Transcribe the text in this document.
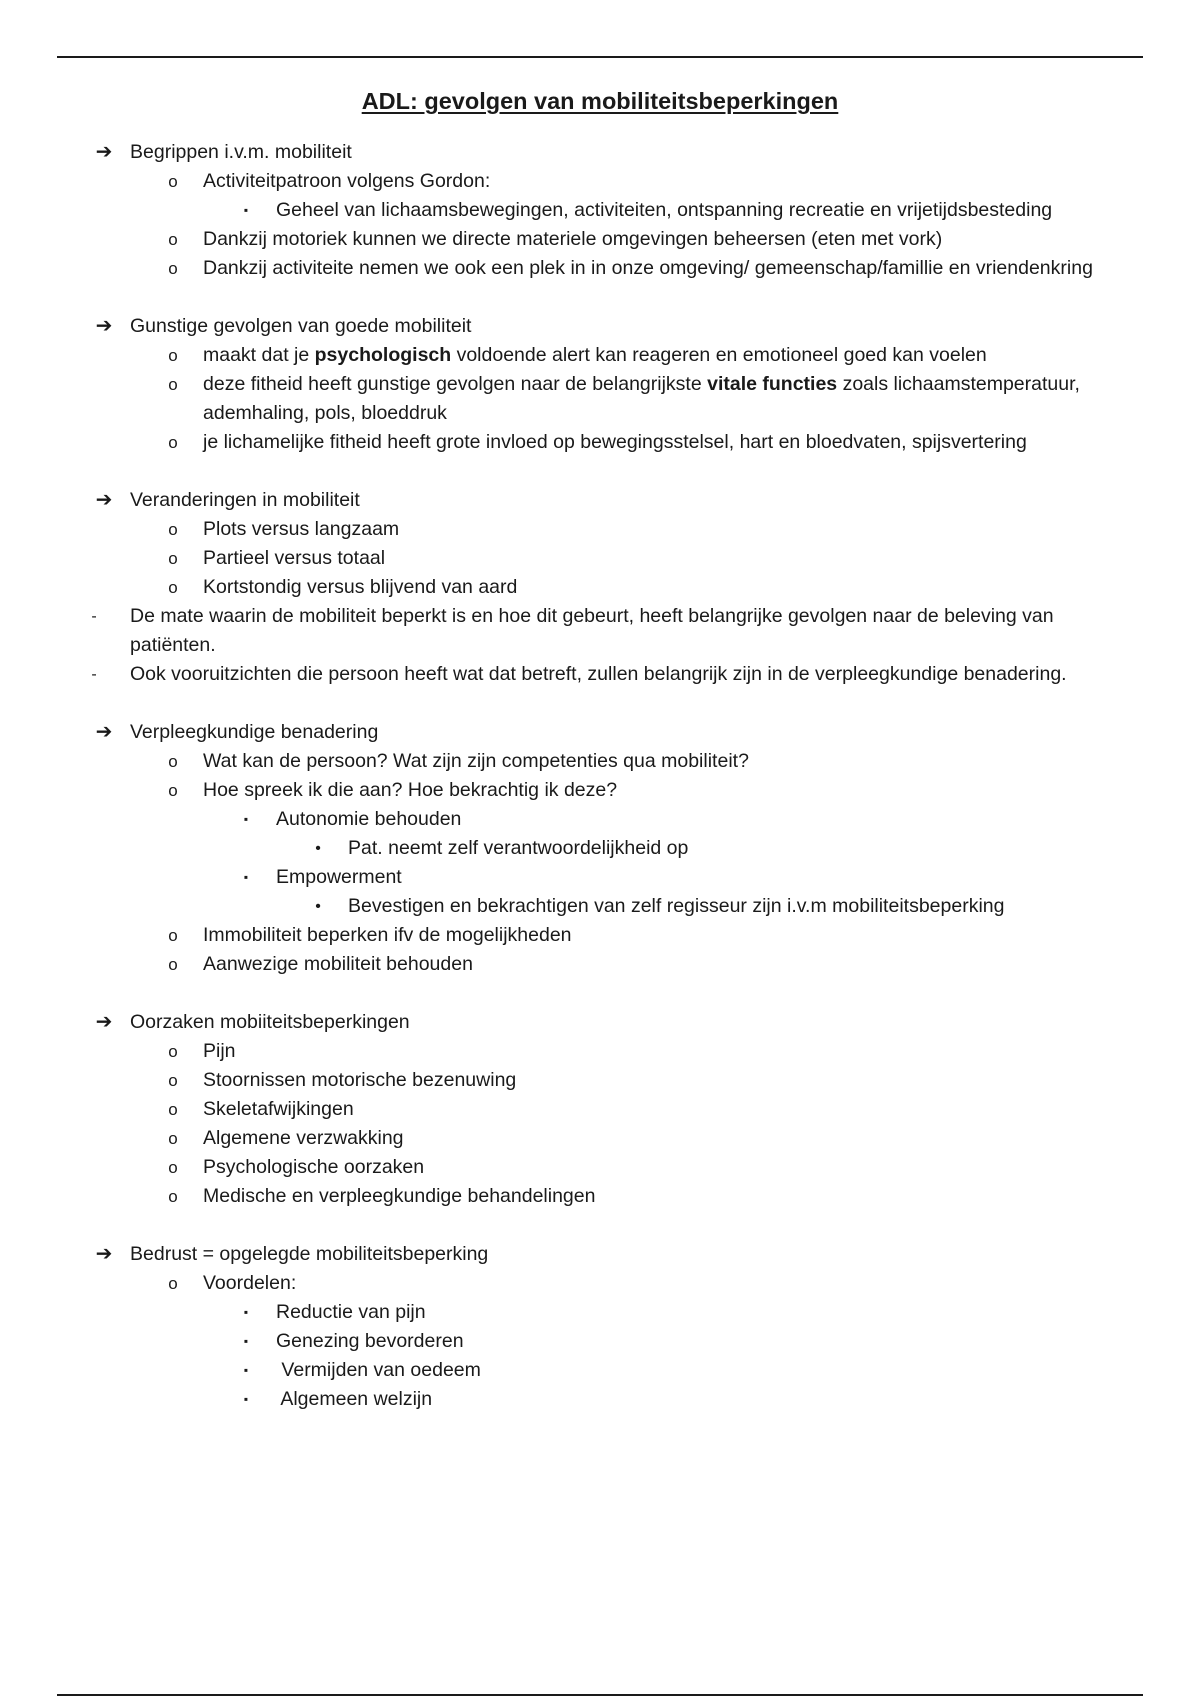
ADL: gevolgen van mobiliteitsbeperkingen
➔ Begrippen i.v.m. mobiliteit
o	Activiteitpatroon volgens Gordon:
▪	Geheel van lichaamsbewegingen, activiteiten, ontspanning recreatie en vrijetijdsbesteding
o	Dankzij motoriek kunnen we directe materiele omgevingen beheersen (eten met vork)
o	Dankzij activiteite nemen we ook een plek in in onze omgeving/ gemeenschap/famillie en vriendenkring
➔ Gunstige gevolgen van goede mobiliteit
o	maakt dat je psychologisch voldoende alert kan reageren en emotioneel goed kan voelen
o	deze fitheid heeft gunstige gevolgen naar de belangrijkste vitale functies zoals lichaamstemperatuur,
ademhaling, pols, bloeddruk
o	je lichamelijke fitheid heeft grote invloed op bewegingsstelsel, hart en bloedvaten, spijsvertering
➔ Veranderingen in mobiliteit
o	Plots versus langzaam
o	Partieel versus totaal
o	Kortstondig versus blijvend van aard
-	De mate waarin de mobiliteit beperkt is en hoe dit gebeurt, heeft belangrijke gevolgen naar de beleving van
patiënten.
-	Ook vooruitzichten die persoon heeft wat dat betreft, zullen belangrijk zijn in de verpleegkundige benadering.
➔ Verpleegkundige benadering
o	Wat kan de persoon? Wat zijn zijn competenties qua mobiliteit?
o	Hoe spreek ik die aan? Hoe bekrachtig ik deze?
▪	Autonomie behouden
•	Pat. neemt zelf verantwoordelijkheid op
▪	Empowerment
•	Bevestigen en bekrachtigen van zelf regisseur zijn i.v.m mobiliteitsbeperking
o	Immobiliteit beperken ifv de mogelijkheden
o	Aanwezige mobiliteit behouden
➔ Oorzaken mobiiteitsbeperkingen
o	Pijn
o	Stoornissen motorische bezenuwing
o	Skeletafwijkingen
o	Algemene verzwakking
o	Psychologische oorzaken
o	Medische en verpleegkundige behandelingen
➔ Bedrust = opgelegde mobiliteitsbeperking
o	Voordelen:
▪	Reductie van pijn
▪	Genezing bevorderen
▪	Vermijden van oedeem
▪	Algemeen welzijn
